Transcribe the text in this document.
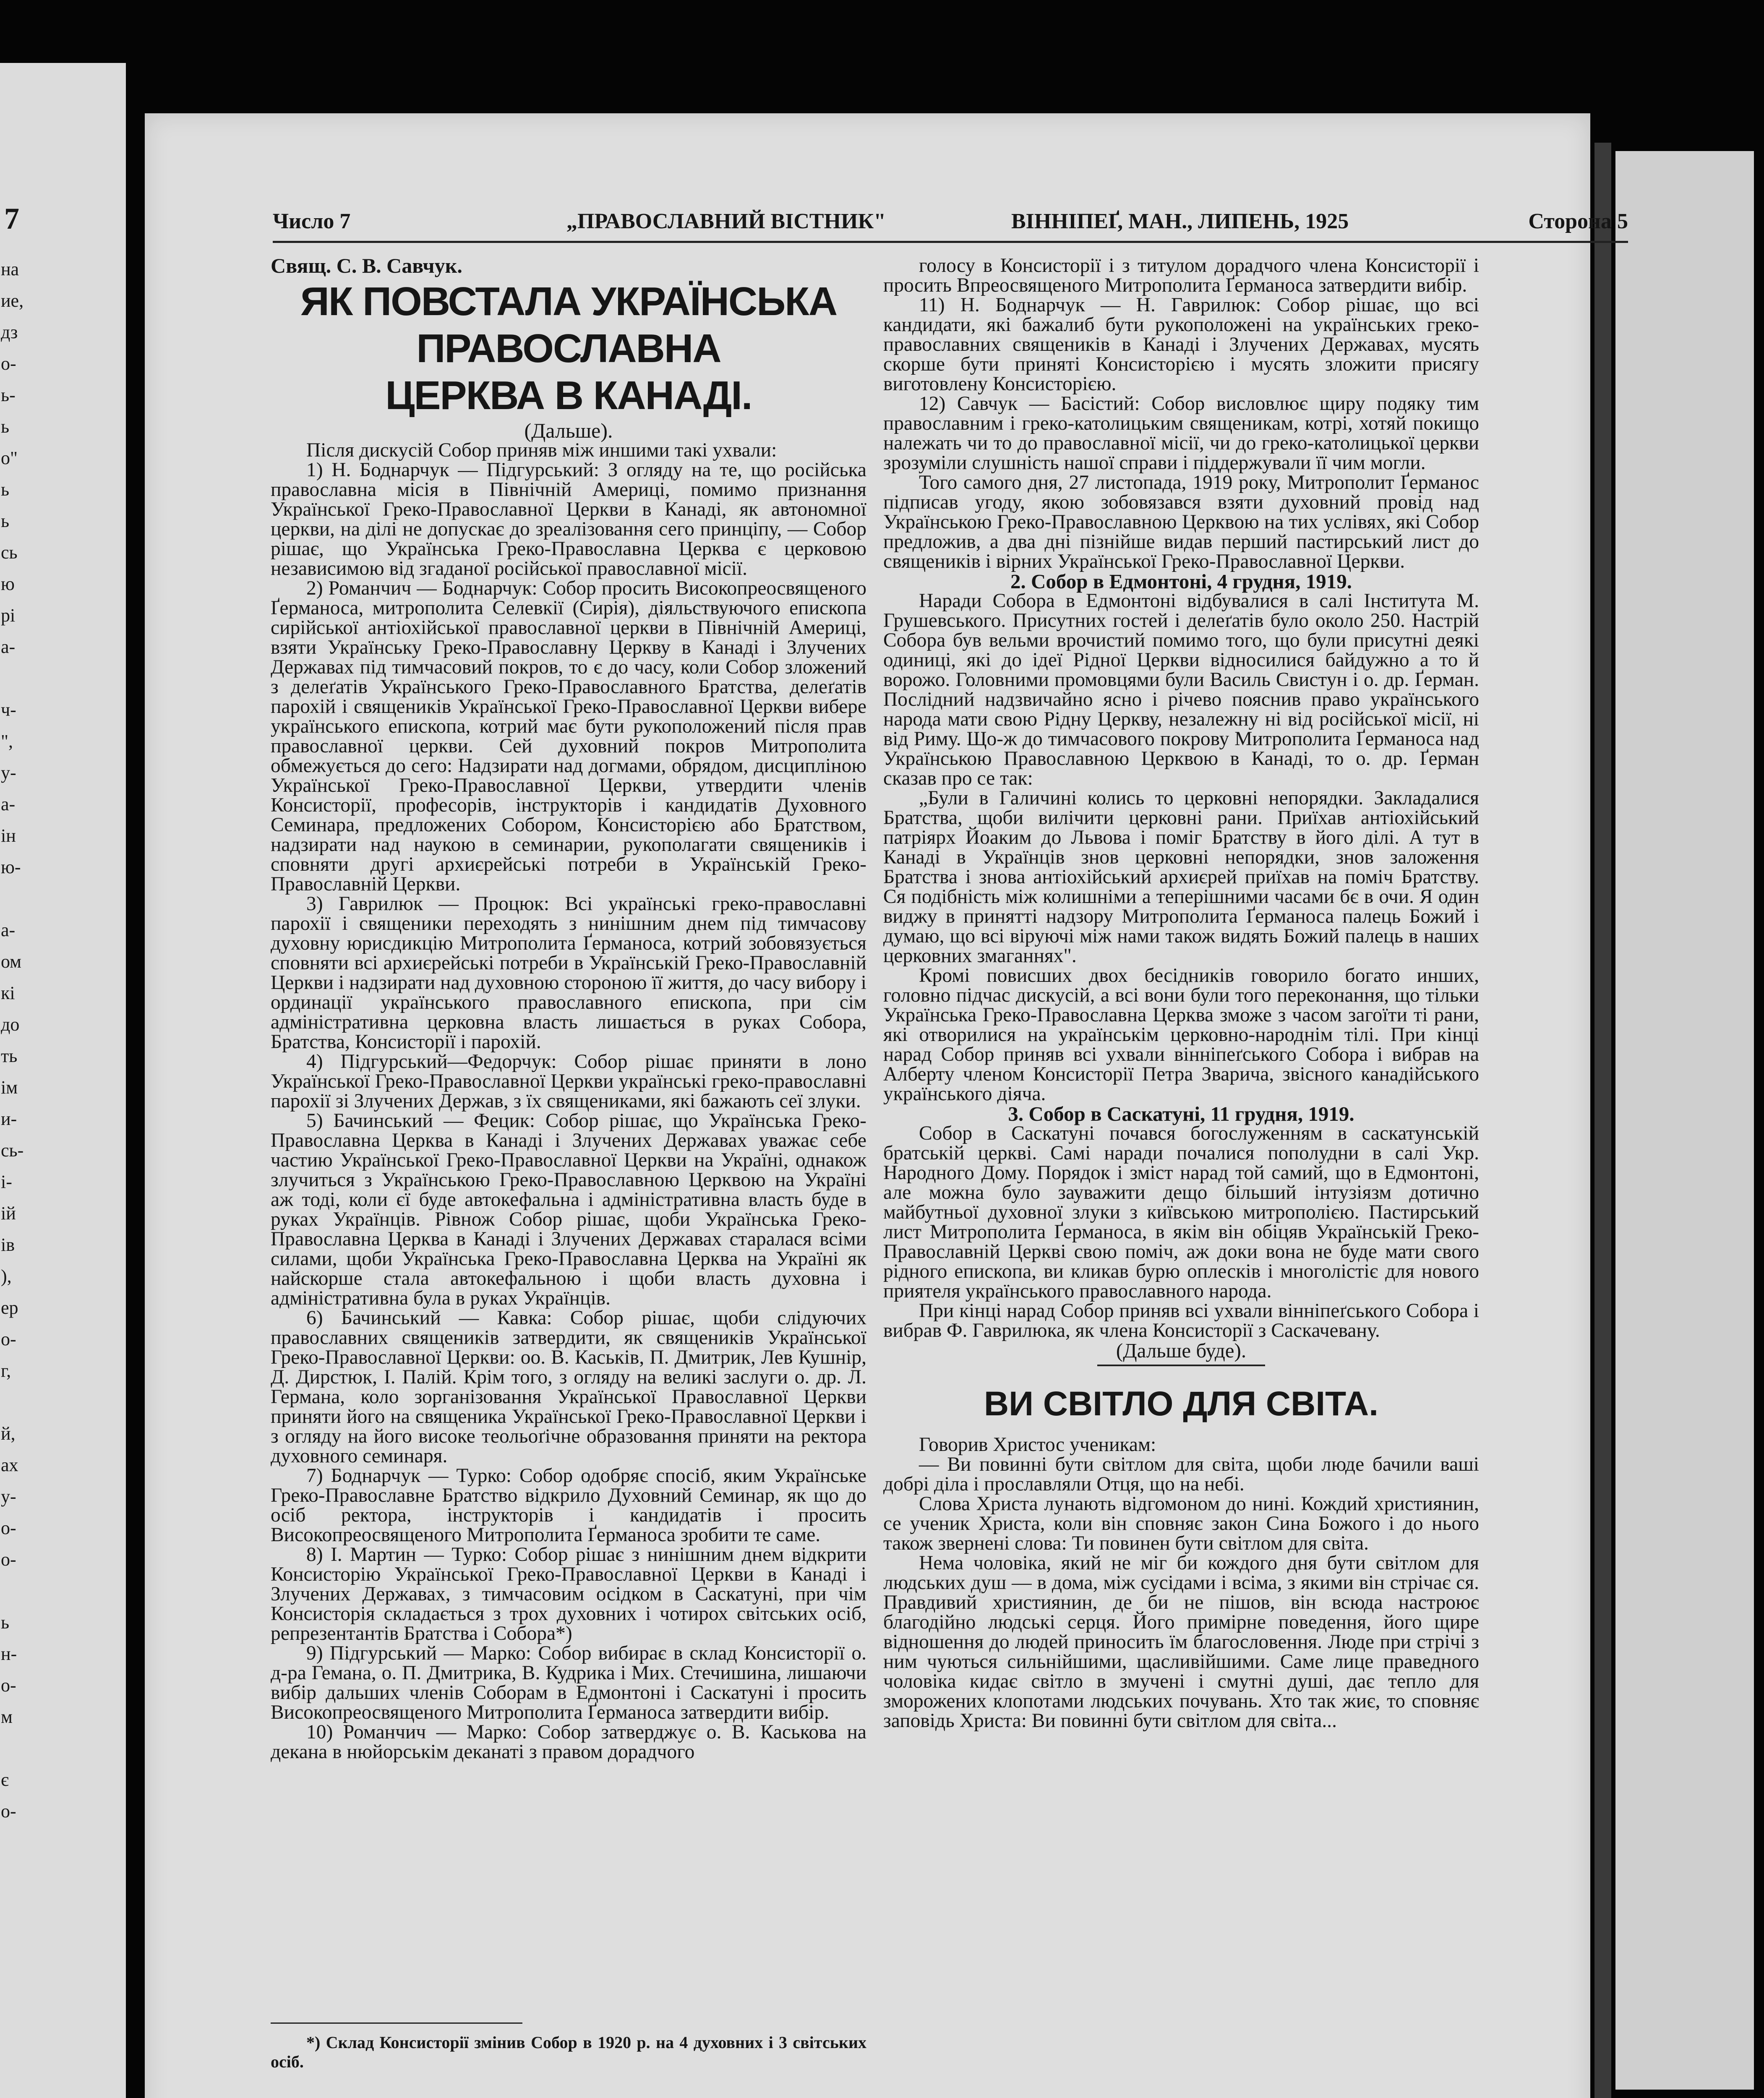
7
на
ие,
дз
о-
ь-
ь
о"
ь
ь
сь
ю
рі
а-
ч-
",
у-
а-
ін
ю-
а-
ом
кі
до
ть
ім
и-
сь-
і-
ій
ів
),
ер
о-
г,
й,
ах
у-
о-
о-
ь
н-
о-
м
є
о-
Число 7	„ПРАВОСЛАВНИЙ ВІСТНИК"	ВІННІПЕҐ, МАН., ЛИПЕНЬ, 1925	Сторона 5

Свящ. С. В. Савчук.

ЯК ПОВСТАЛА УКРАЇНСЬКА ПРАВОСЛАВНА
ЦЕРКВА В КАНАДІ.

(Дальше).

Після дискусій Собор приняв між иншими такі ухвали:

1) Н. Боднарчук — Підгурський: З огляду на те, що російська православна місія в Північній Америці, помимо признання Української Греко-Православної Церкви в Канаді, як автономної церкви, на ділі не допускає до зреалізовання сего принціпу, — Собор рішає, що Українська Греко-Православна Церква є церковою независимою від згаданої російської православної місії.

2) Романчич — Боднарчук: Собор просить Високопреосвященого Ґерманоса, митрополита Селевкії (Сирія), діяльствуючого епископа сирійської антіохійської православної церкви в Північній Америці, взяти Українську Греко-Православну Церкву в Канаді і Злучених Державах під тимчасовий покров, то є до часу, коли Собор зложений з делеґатів Українського Греко-Православного Братства, делеґатів парохій і священиків Української Греко-Православної Церкви вибере українського епископа, котрий має бути рукоположений після прав православної церкви. Сей духовний покров Митрополита обмежується до сего: Надзирати над догмами, обрядом, дисципліною Української Греко-Православної Церкви, утвердити членів Консисторії, професорів, інструкторів і кандидатів Духовного Семинара, предложених Собором, Консисторією або Братством, надзирати над наукою в семинарии, рукополагати священиків і сповняти другі архиєрейські потреби в Українській Греко-Православній Церкви.

3) Гаврилюк — Процюк: Всі українські греко-православні парохії і священики переходять з нинішним днем під тимчасову духовну юрисдикцію Митрополита Ґерманоса, котрий зобовязується сповняти всі архиєрейські потреби в Українській Греко-Православній Церкви і надзирати над духовною стороною її життя, до часу вибору і ординації українського православного епископа, при сім адміністративна церковна власть лишається в руках Собора, Братства, Консисторії і парохій.

4) Підгурський—Федорчук: Собор рішає приняти в лоно Української Греко-Православної Церкви українські греко-православні парохії зі Злучених Держав, з їх священиками, які бажають сеї злуки.

5) Бачинський — Фецик: Собор рішає, що Українська Греко-Православна Церква в Канаді і Злучених Державах уважає себе частию Української Греко-Православної Церкви на Україні, однакож злучиться з Українською Греко-Православною Церквою на Україні аж тоді, коли єї буде автокефальна і адміністративна власть буде в руках Українців. Рівнож Собор рішає, щоби Українська Греко-Православна Церква в Канаді і Злучених Державах старалася всіми силами, щоби Українська Греко-Православна Церква на Україні як найскорше стала автокефальною і щоби власть духовна і адміністративна була в руках Українців.

6) Бачинський — Кавка: Собор рішає, щоби слідуючих православних священиків затвердити, як священиків Української Греко-Православної Церкви: оо. В. Каськів, П. Дмитрик, Лев Кушнір, Д. Дирстюк, І. Палій. Крім того, з огляду на великі заслуги о. др. Л. Германа, коло зорганізовання Української Православної Церкви приняти його на священика Української Греко-Православної Церкви і з огляду на його високе теольоґічне образовання приняти на ректора духовного семинаря.

7) Боднарчук — Турко: Собор одобряє спосіб, яким Українське Греко-Православне Братство відкрило Духовний Семинар, як що до осіб ректора, інструкторів і кандидатів і просить Високопреосвященого Митрополита Ґерманоса зробити те саме.

8) І. Мартин — Турко: Собор рішає з нинішним днем відкрити Консисторію Української Греко-Православної Церкви в Канаді і Злучених Державах, з тимчасовим осідком в Саскатуні, при чім Консисторія складається з трох духовних і чотирох світських осіб, репрезентантів Братства і Собора*)

9) Підгурський — Марко: Собор вибирає в склад Консисторії о. д-ра Гемана, о. П. Дмитрика, В. Кудрика і Мих. Стечишина, лишаючи вибір дальших членів Соборам в Едмонтоні і Саскатуні і просить Високопреосвященого Митрополита Ґерманоса затвердити вибір.

10) Романчич — Марко: Собор затверджує о. В. Каськова на декана в нюйорськім деканаті з правом дорадчого

*) Склад Консисторії змінив Собор в 1920 р. на 4 духовних і 3 світських осіб.

голосу в Консисторії і з титулом дорадчого члена Консисторії і просить Впреосвященого Митрополита Ґерманоса затвердити вибір.

11) Н. Боднарчук — Н. Гаврилюк: Собор рішає, що всі кандидати, які бажалиб бути рукоположені на українських греко-православних священиків в Канаді і Злучених Державах, мусять скорше бути приняті Консисторією і мусять зложити присягу виготовлену Консисторією.

12) Савчук — Басістий: Собор висловлює щиру подяку тим православним і греко-католицьким священикам, котрі, хотяй покищо належать чи то до православної місії, чи до греко-католицької церкви зрозуміли слушність нашої справи і піддержували її чим могли.

Того самого дня, 27 листопада, 1919 року, Митрополит Ґерманос підписав угоду, якою зобовязався взяти духовний провід над Українською Греко-Православною Церквою на тих услівях, які Собор предложив, а два дні пізнійше видав перший пастирський лист до священиків і вірних Української Греко-Православної Церкви.

2. Собор в Едмонтоні, 4 грудня, 1919.

Наради Собора в Едмонтоні відбувалися в салі Інститута М. Грушевського. Присутних гостей і делеґатів було около 250. Настрій Собора був вельми врочистий помимо того, що були присутні деякі одиниці, які до ідеї Рідної Церкви відносилися байдужно а то й ворожо. Головними промовцями були Василь Свистун і о. др. Ґерман. Послідний надзвичайно ясно і річево пояснив право українського народа мати свою Рідну Церкву, незалежну ні від російської місії, ні від Риму. Що-ж до тимчасового покрову Митрополита Ґерманоса над Українською Православною Церквою в Канаді, то о. др. Ґерман сказав про се так:

„Були в Галичині колись то церковні непорядки. Закладалися Братства, щоби вилічити церковні рани. Приїхав антіохійський патріярх Йоаким до Львова і поміг Братству в його ділі. А тут в Канаді в Українців знов церковні непорядки, знов заложення Братства і знова антіохійський архиєрей приїхав на поміч Братству. Ся подібність між колишніми а теперішними часами бє в очи. Я один виджу в принятті надзору Митрополита Ґерманоса палець Божий і думаю, що всі віруючі між нами також видять Божий палець в наших церковних змаганнях".

Кромі повисших двох бесідників говорило богато инших, головно підчас дискусій, а всі вони були того переконання, що тільки Українська Греко-Православна Церква зможе з часом загоїти ті рани, які отворилися на українськім церковно-народнім тілі. При кінці нарад Собор приняв всі ухвали вінніпеґського Собора і вибрав на Алберту членом Консисторії Петра Зварича, звісного канадійського українського діяча.

3. Собор в Саскатуні, 11 грудня, 1919.

Собор в Саскатуні почався богослуженням в саскатунській братській церкві. Самі наради почалися пополудни в салі Укр. Народного Дому. Порядок і зміст нарад той самий, що в Едмонтоні, але можна було зауважити дещо більший інтузіязм дотично майбутньої духовної злуки з київською митрополією. Пастирський лист Митрополита Ґерманоса, в якім він обіцяв Українській Греко-Православній Церкві свою поміч, аж доки вона не буде мати свого рідного епископа, ви кликав бурю оплесків і многолістіє для нового приятеля українського православного народа.

При кінці нарад Собор приняв всі ухвали вінніпеґського Собора і вибрав Ф. Гаврилюка, як члена Консисторії з Саскачевану.

(Дальше буде).

ВИ СВІТЛО ДЛЯ СВІТА.

Говорив Христос ученикам:

— Ви повинні бути світлом для світа, щоби люде бачили ваші добрі діла і прославляли Отця, що на небі.

Слова Христа лунають відгомоном до нині. Кождий християнин, се ученик Христа, коли він сповняє закон Сина Божого і до нього також звернені слова: Ти повинен бути світлом для світа.

Нема чоловіка, який не міг би кождого дня бути світлом для людських душ — в дома, між сусідами і всіма, з якими він стрічає ся. Правдивий християнин, де би не пішов, він всюда настроює благодійно людські серця. Його примірне поведення, його щире відношення до людей приносить їм благословення. Люде при стрічі з ним чуються сильнійшими, щасливійшими. Саме лице праведного чоловіка кидає світло в змучені і смутні душі, дає тепло для зморожених клопотами людських почувань. Хто так жиє, то сповняє заповідь Христа: Ви повинні бути світлом для світа...
